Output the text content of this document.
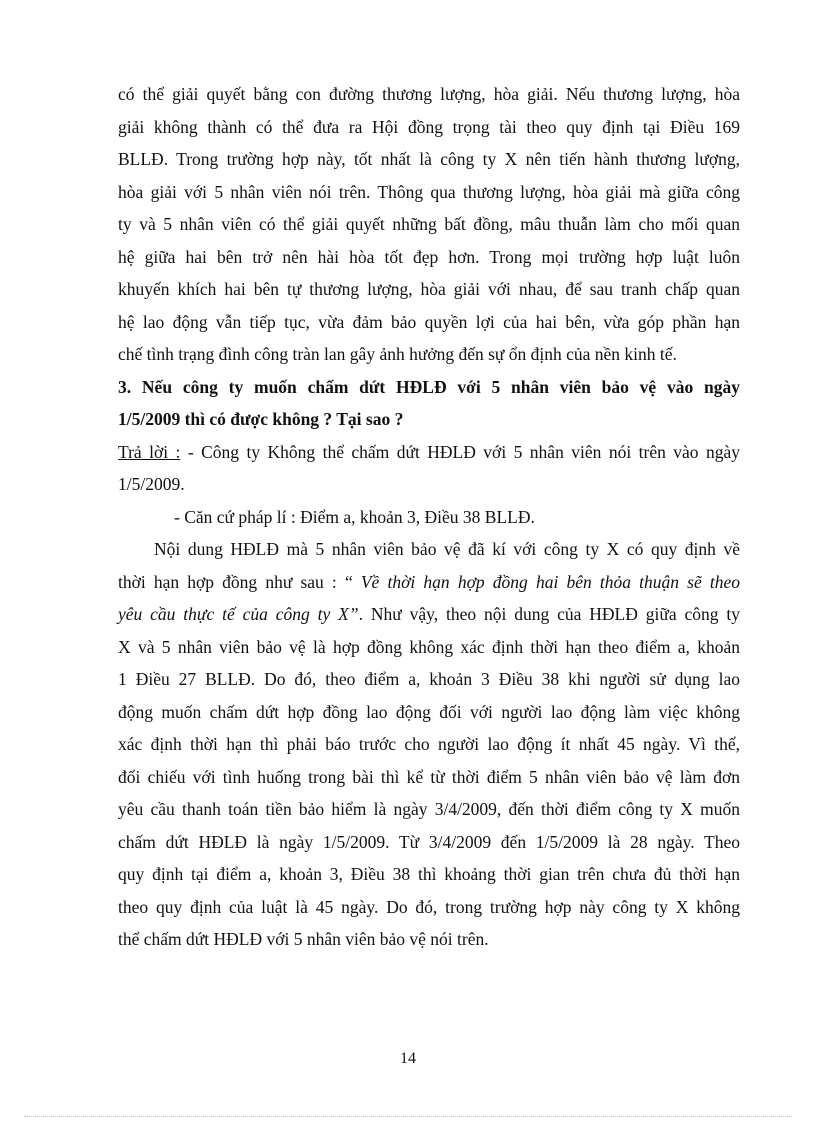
có thể giải quyết bằng con đường thương lượng, hòa giải. Nếu thương lượng, hòa

giải không thành có thể đưa ra Hội đồng trọng tài theo quy định tại Điều 169

BLLĐ. Trong trường hợp này, tốt nhất là công ty X nên tiến hành thương lượng,

hòa giải với 5 nhân viên nói trên. Thông qua thương lượng, hòa giải mà giữa công

ty và 5 nhân viên có thể giải quyết những bất đồng, mâu thuẫn làm cho mối quan

hệ giữa hai bên trở nên hài hòa tốt đẹp hơn. Trong mọi trường hợp luật luôn

khuyến khích hai bên tự thương lượng, hòa giải với nhau, để sau tranh chấp quan

hệ lao động vẫn tiếp tục, vừa đảm bảo quyền lợi của hai bên, vừa góp phần hạn

chế tình trạng đình công tràn lan gây ảnh hưởng đến sự ổn định của nền kinh tế.

3. Nếu công ty muốn chấm dứt HĐLĐ với 5 nhân viên bảo vệ vào ngày

1/5/2009 thì có được không ? Tại sao ?

Trả lời : - Công ty Không thể chấm dứt HĐLĐ với 5 nhân viên nói trên vào ngày

1/5/2009.

- Căn cứ pháp lí : Điểm a, khoản 3, Điều 38 BLLĐ.

Nội dung HĐLĐ mà 5 nhân viên bảo vệ đã kí với công ty X có quy định về

thời hạn hợp đồng như sau : “ Về thời hạn hợp đồng hai bên thỏa thuận sẽ theo

yêu cầu thực tế của công ty X”. Như vậy, theo nội dung của HĐLĐ giữa công ty

X và 5 nhân viên bảo vệ là hợp đồng không xác định thời hạn theo điểm a, khoản

1 Điều 27 BLLĐ. Do đó, theo điểm a, khoản 3 Điều 38 khi người sử dụng lao

động muốn chấm dứt hợp đồng lao động đối với người lao động làm việc không

xác định thời hạn thì phải báo trước cho người lao động ít nhất 45 ngày. Vì thế,

đối chiếu với tình huống trong bài thì kể từ thời điểm 5 nhân viên bảo vệ làm đơn

yêu cầu thanh toán tiền bảo hiểm là ngày 3/4/2009, đến thời điểm công ty X muốn

chấm dứt HĐLĐ là ngày 1/5/2009. Từ 3/4/2009 đến 1/5/2009 là 28 ngày. Theo

quy định tại điểm a, khoản 3, Điều 38 thì khoảng thời gian trên chưa đủ thời hạn

theo quy định của luật là 45 ngày. Do đó, trong trường hợp này công ty X không

thể chấm dứt HĐLĐ với 5 nhân viên bảo vệ nói trên.

14
